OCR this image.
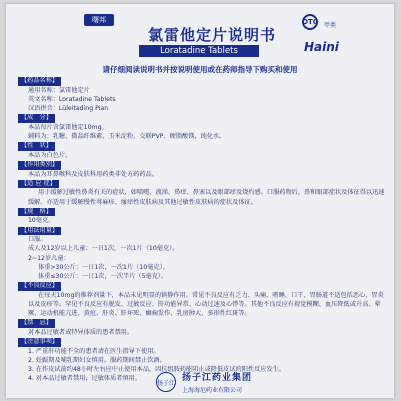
曙邦
氯雷他定片说明书
OTC 甲类
Haini
Loratadine Tablets
请仔细阅读说明书并按说明使用或在药师指导下购买和使用
【药品名称】
通用名称：氯雷他定片
英文名称：Loratadine Tablets
汉语拼音：Lüleitading Pian
【成　分】
本品每片含氯雷他定10mg。
辅料为：乳糖、微晶纤维素、玉米淀粉、交联PVP、硬脂酸镁、纯化水。
【性　状】
本品为白色片。
【作用类别】
本品为耳鼻喉科及皮肤科用药类非处方药药品。
【适 应 症】
用于缓解过敏性鼻炎有关的症状，如喷嚏、流涕、鼻痒、鼻塞以及眼部痒及烧灼感。口服药物后，鼻和眼部症状及体征得以迅速缓解。亦适用于缓解慢性荨麻疹、瘙痒性皮肤病及其他过敏性皮肤病的症状及体征。
【规　格】
10毫克。
【用法用量】
口服。
成人及12岁以上儿童：一日1次，一次1片（10毫克）。
2~12岁儿童：
体重>30公斤：一日1次，一次1片（10毫克）。
体重≤30公斤：一日1次，一次半片（5毫克）。
【不良反应】
在每天10mg的推荐剂量下，本品未见明显的镇静作用。常见不良反应有乏力、头痛、嗜睡、口干、胃肠道不适包括恶心、胃炎以及皮疹等。罕见不良反应有脱发、过敏反应、肝功能异常、心动过速及心悸等。其他不良反应有视觉模糊、血压降低或升高、晕厥、运动机能亢进、黄疸、肝炎、肝坏死、癫痫发作、乳房肿大、多形性红斑等。
【禁　忌】
对本品过敏者或特异体质的患者禁用。
【注意事项】
1. 严重肝功能不全的患者请在医生指导下使用。
2. 妊娠期及哺乳期妇女慎用。服药期间禁止饮酒。
3. 在作皮试前约48小时左右应中止使用本品，因抗组胺药能阻止或降低皮试的阳性反应发生。
4. 对本品过敏者禁用，过敏体质者慎用。
扬子江 扬子江药业集团
上海海尼药业有限公司
